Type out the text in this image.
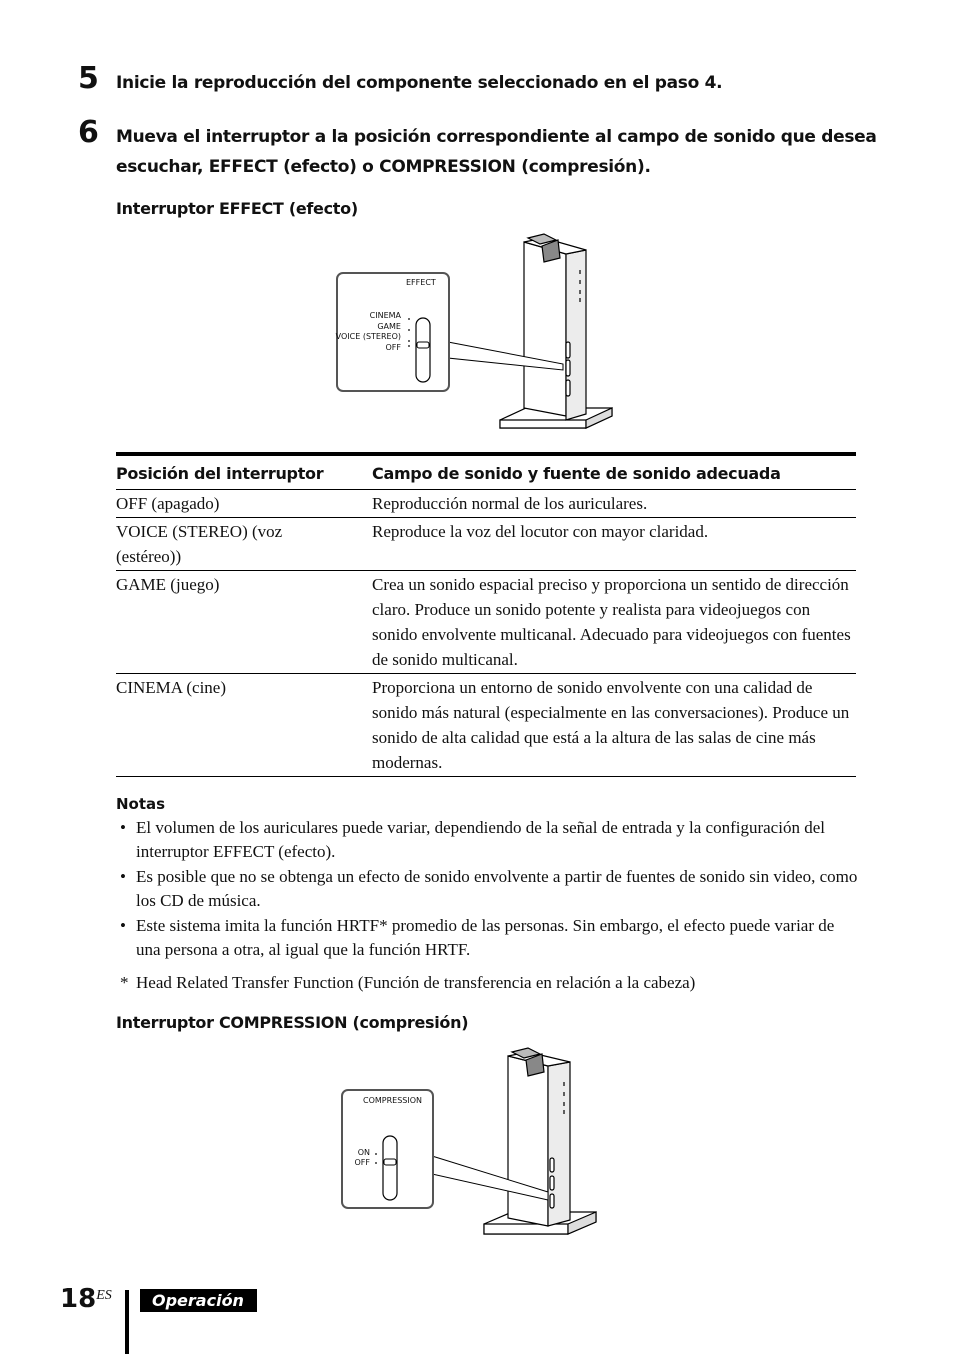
5 Inicie la reproducción del componente seleccionado en el paso 4.
6 Mueva el interruptor a la posición correspondiente al campo de sonido que desea
escuchar, EFFECT (efecto) o COMPRESSION (compresión).
Interruptor EFFECT (efecto)
EFFECT
CINEMA
GAME
VOICE (STEREO)
OFF
Posición del interruptor	Campo de sonido y fuente de sonido adecuada
OFF (apagado)	Reproducción normal de los auriculares.
VOICE (STEREO) (voz (estéreo))	Reproduce la voz del locutor con mayor claridad.
GAME (juego)	Crea un sonido espacial preciso y proporciona un sentido de dirección claro. Produce un sonido potente y realista para videojuegos con sonido envolvente multicanal. Adecuado para videojuegos con fuentes de sonido multicanal.
CINEMA (cine)	Proporciona un entorno de sonido envolvente con una calidad de sonido más natural (especialmente en las conversaciones). Produce un sonido de alta calidad que está a la altura de las salas de cine más modernas.
Notas
• El volumen de los auriculares puede variar, dependiendo de la señal de entrada y la configuración del interruptor EFFECT (efecto).
• Es posible que no se obtenga un efecto de sonido envolvente a partir de fuentes de sonido sin video, como los CD de música.
• Este sistema imita la función HRTF* promedio de las personas. Sin embargo, el efecto puede variar de una persona a otra, al igual que la función HRTF.
* Head Related Transfer Function (Función de transferencia en relación a la cabeza)
Interruptor COMPRESSION (compresión)
COMPRESSION
ON
OFF
18ES	Operación
